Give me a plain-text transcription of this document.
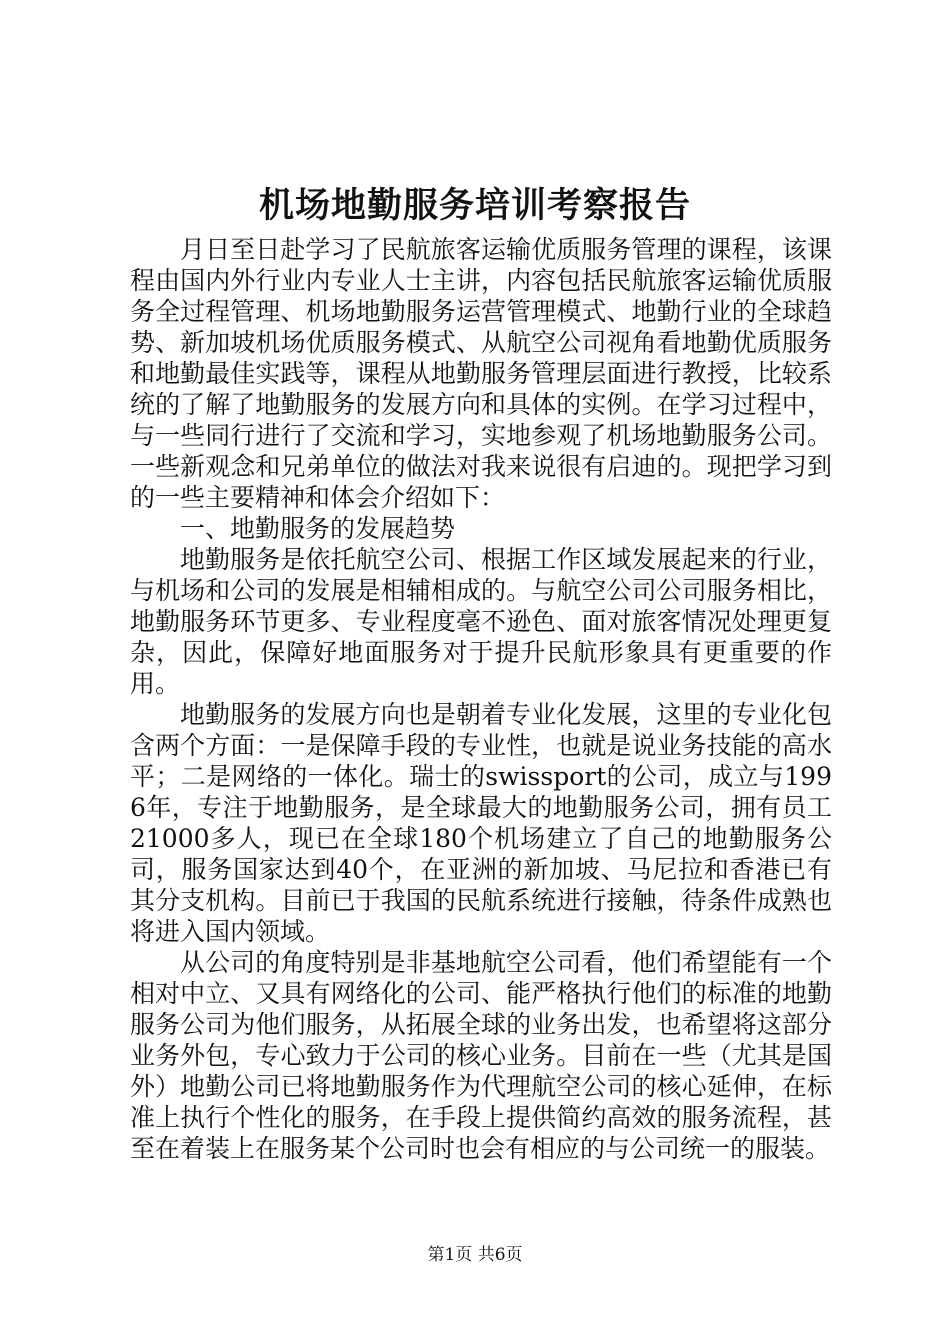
机场地勤服务培训考察报告

月日至日赴学习了民航旅客运输优质服务管理的课程，该课程由国内外行业内专业人士主讲，内容包括民航旅客运输优质服务全过程管理、机场地勤服务运营管理模式、地勤行业的全球趋势、新加坡机场优质服务模式、从航空公司视角看地勤优质服务和地勤最佳实践等，课程从地勤服务管理层面进行教授，比较系统的了解了地勤服务的发展方向和具体的实例。在学习过程中，与一些同行进行了交流和学习，实地参观了机场地勤服务公司。一些新观念和兄弟单位的做法对我来说很有启迪的。现把学习到的一些主要精神和体会介绍如下：

一、地勤服务的发展趋势

地勤服务是依托航空公司、根据工作区域发展起来的行业，与机场和公司的发展是相辅相成的。与航空公司公司服务相比，地勤服务环节更多、专业程度毫不逊色、面对旅客情况处理更复杂，因此，保障好地面服务对于提升民航形象具有更重要的作用。

地勤服务的发展方向也是朝着专业化发展，这里的专业化包含两个方面：一是保障手段的专业性，也就是说业务技能的高水平；二是网络的一体化。瑞士的swissport的公司，成立与1996年，专注于地勤服务，是全球最大的地勤服务公司，拥有员工21000多人，现已在全球180个机场建立了自己的地勤服务公司，服务国家达到40个，在亚洲的新加坡、马尼拉和香港已有其分支机构。目前已于我国的民航系统进行接触，待条件成熟也将进入国内领域。

从公司的角度特别是非基地航空公司看，他们希望能有一个相对中立、又具有网络化的公司、能严格执行他们的标准的地勤服务公司为他们服务，从拓展全球的业务出发，也希望将这部分业务外包，专心致力于公司的核心业务。目前在一些（尤其是国外）地勤公司已将地勤服务作为代理航空公司的核心延伸，在标准上执行个性化的服务，在手段上提供简约高效的服务流程，甚至在着装上在服务某个公司时也会有相应的与公司统一的服装。

第1页 共6页
